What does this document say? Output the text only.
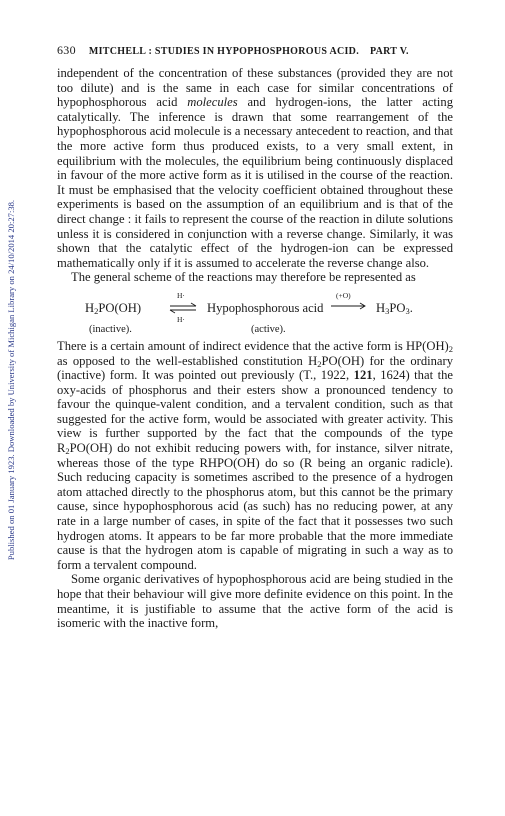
Published on 01 January 1923. Downloaded by University of Michigan Library on 24/10/2014 20:27:38.
630 MITCHELL : STUDIES IN HYPOPHOSPHOROUS ACID. PART V.

independent of the concentration of these substances (provided they are not too dilute) and is the same in each case for similar concentrations of hypophosphorous acid molecules and hydrogen-ions, the latter acting catalytically. The inference is drawn that some rearrangement of the hypophosphorous acid molecule is a necessary antecedent to reaction, and that the more active form thus produced exists, to a very small extent, in equilibrium with the molecules, the equilibrium being continuously displaced in favour of the more active form as it is utilised in the course of the reaction. It must be emphasised that the velocity coefficient obtained throughout these experiments is based on the assumption of an equilibrium and is that of the direct change : it fails to represent the course of the reaction in dilute solutions unless it is considered in conjunction with a reverse change. Similarly, it was shown that the catalytic effect of the hydrogen-ion can be expressed mathematically only if it is assumed to accelerate the reverse change also.

The general scheme of the reactions may therefore be represented as

$H_2PO(OH)$
H·
H·
Hypophosphorous acid
(+O)
$H_3PO_3$.
(inactive).	(active).

There is a certain amount of indirect evidence that the active form is $HP(OH)_2$ as opposed to the well-established constitution $H_2PO(OH)$ for the ordinary (inactive) form. It was pointed out previously (T., 1922, 121, 1624) that the oxy-acids of phosphorus and their esters show a pronounced tendency to favour the quinque-valent condition, and a tervalent condition, such as that suggested for the active form, would be associated with greater activity. This view is further supported by the fact that the compounds of the type $R_2PO(OH)$ do not exhibit reducing powers with, for instance, silver nitrate, whereas those of the type RHPO(OH) do so (R being an organic radicle). Such reducing capacity is sometimes ascribed to the presence of a hydrogen atom attached directly to the phosphorus atom, but this cannot be the primary cause, since hypophosphorous acid (as such) has no reducing power, at any rate in a large number of cases, in spite of the fact that it possesses two such hydrogen atoms. It appears to be far more probable that the more immediate cause is that the hydrogen atom is capable of migrating in such a way as to form a tervalent compound.

Some organic derivatives of hypophosphorous acid are being studied in the hope that their behaviour will give more definite evidence on this point. In the meantime, it is justifiable to assume that the active form of the acid is isomeric with the inactive form,
